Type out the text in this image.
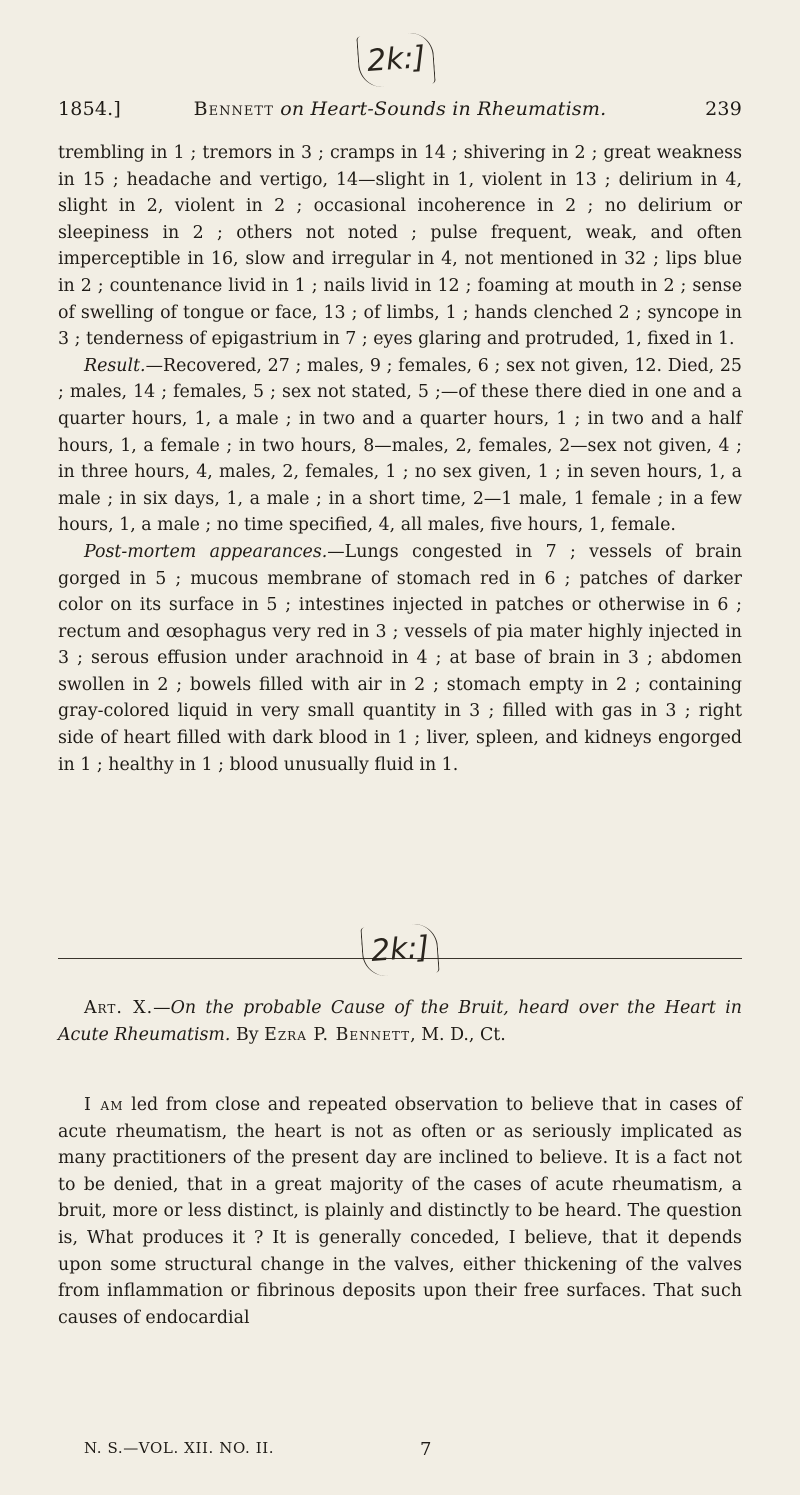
2k:]
1854.]	Bennett on Heart-Sounds in Rheumatism.	239

trembling in 1 ; tremors in 3 ; cramps in 14 ; shivering in 2 ; great weakness in 15 ; headache and vertigo, 14—slight in 1, violent in 13 ; delirium in 4, slight in 2, violent in 2 ; occasional incoherence in 2 ; no delirium or sleepiness in 2 ; others not noted ; pulse frequent, weak, and often imperceptible in 16, slow and irregular in 4, not mentioned in 32 ; lips blue in 2 ; countenance livid in 1 ; nails livid in 12 ; foaming at mouth in 2 ; sense of swelling of tongue or face, 13 ; of limbs, 1 ; hands clenched 2 ; syncope in 3 ; tenderness of epigastrium in 7 ; eyes glaring and protruded, 1, fixed in 1.

Result.—Recovered, 27 ; males, 9 ; females, 6 ; sex not given, 12. Died, 25 ; males, 14 ; females, 5 ; sex not stated, 5 ;—of these there died in one and a quarter hours, 1, a male ; in two and a quarter hours, 1 ; in two and a half hours, 1, a female ; in two hours, 8—males, 2, females, 2—sex not given, 4 ; in three hours, 4, males, 2, females, 1 ; no sex given, 1 ; in seven hours, 1, a male ; in six days, 1, a male ; in a short time, 2—1 male, 1 female ; in a few hours, 1, a male ; no time specified, 4, all males, five hours, 1, female.

Post-mortem appearances.—Lungs congested in 7 ; vessels of brain gorged in 5 ; mucous membrane of stomach red in 6 ; patches of darker color on its surface in 5 ; intestines injected in patches or otherwise in 6 ; rectum and œsophagus very red in 3 ; vessels of pia mater highly injected in 3 ; serous effusion under arachnoid in 4 ; at base of brain in 3 ; abdomen swollen in 2 ; bowels filled with air in 2 ; stomach empty in 2 ; containing gray-colored liquid in very small quantity in 3 ; filled with gas in 3 ; right side of heart filled with dark blood in 1 ; liver, spleen, and kidneys engorged in 1 ; healthy in 1 ; blood unusually fluid in 1.

2k:]

Art. X.—On the probable Cause of the Bruit, heard over the Heart in Acute Rheumatism. By Ezra P. Bennett, M. D., Ct.

I am led from close and repeated observation to believe that in cases of acute rheumatism, the heart is not as often or as seriously implicated as many practitioners of the present day are inclined to believe. It is a fact not to be denied, that in a great majority of the cases of acute rheumatism, a bruit, more or less distinct, is plainly and distinctly to be heard. The question is, What produces it ? It is generally conceded, I believe, that it depends upon some structural change in the valves, either thickening of the valves from inflammation or fibrinous deposits upon their free surfaces. That such causes of endocardial

N. S.—VOL. XII. NO. II.	7
